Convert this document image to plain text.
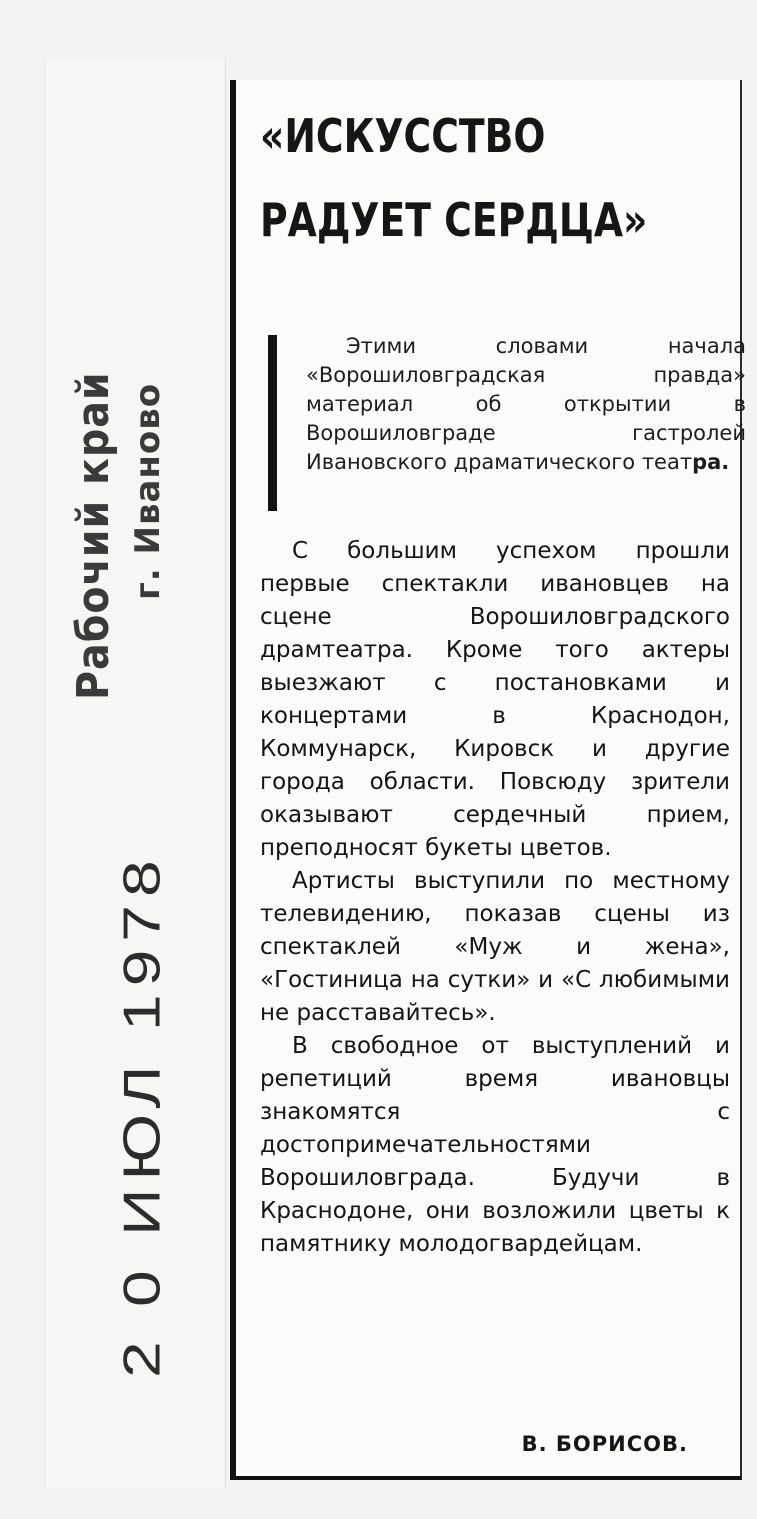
Рабочий край г. Иваново
2 0 ИЮЛ 1978
«ИСКУССТВО РАДУЕТ СЕРДЦА»

Этими словами начала «Ворошиловградская правда» материал об открытии в Ворошиловграде гастролей Ивановского драматического театра.

С большим успехом прошли первые спектакли ивановцев на сцене Ворошиловградского драмтеатра. Кроме того актеры выезжают с постановками и концертами в Краснодон, Коммунарск, Кировск и другие города области. Повсюду зрители оказывают сердечный прием, преподносят букеты цветов.

Артисты выступили по местному телевидению, показав сцены из спектаклей «Муж и жена», «Гостиница на сутки» и «С любимыми не расставайтесь».

В свободное от выступлений и репетиций время ивановцы знакомятся с достопримечательностями Ворошиловграда. Будучи в Краснодоне, они возложили цветы к памятнику молодогвардейцам.

В. БОРИСОВ.
